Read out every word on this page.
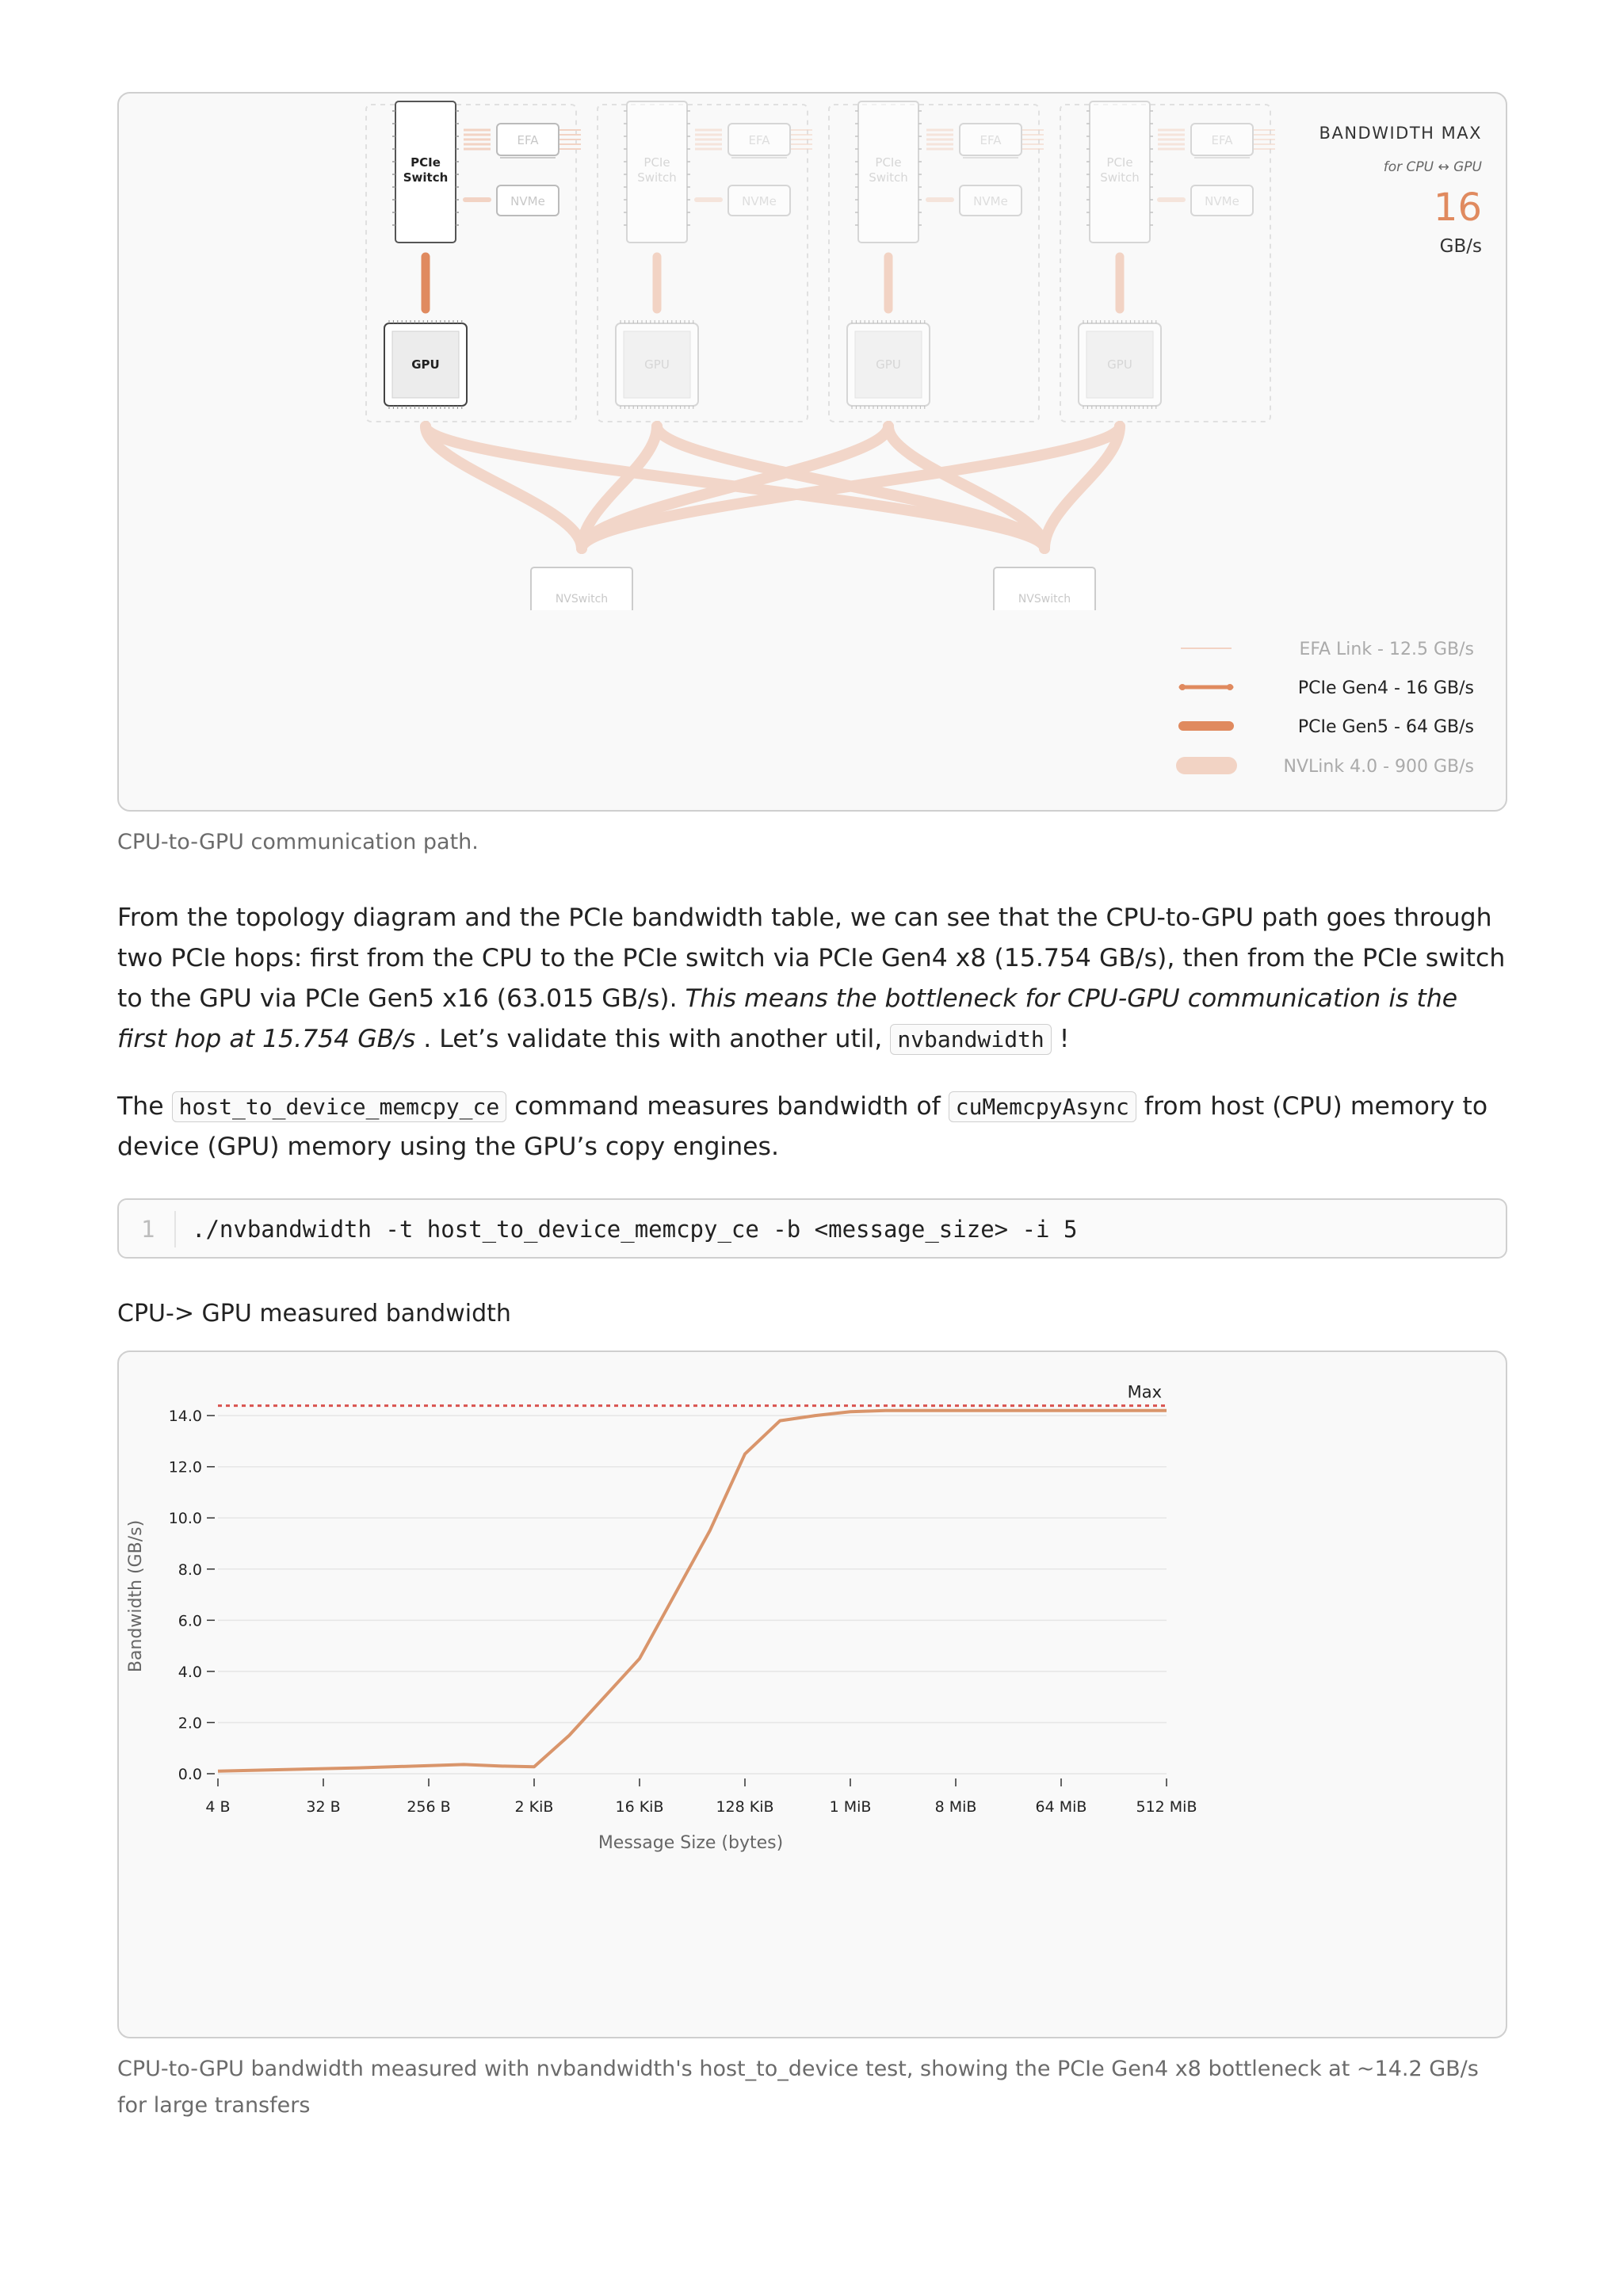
PCIe
Switch
EFA
NVMe
GPU
PCIe
Switch
EFA
NVMe
GPU
PCIe
Switch
EFA
NVMe
GPU
PCIe
Switch
EFA
NVMe
GPU
NVSwitch	NVSwitch
BANDWIDTH MAX
for CPU ↔ GPU
16
GB/s
EFA Link - 12.5 GB/s
PCIe Gen4 - 16 GB/s
PCIe Gen5 - 64 GB/s
NVLink 4.0 - 900 GB/s
CPU-to-GPU communication path.

From the topology diagram and the PCIe bandwidth table, we can see that the CPU-to-GPU path goes through two PCIe hops: first from the CPU to the PCIe switch via PCIe Gen4 x8 (15.754 GB/s), then from the PCIe switch to the GPU via PCIe Gen5 x16 (63.015 GB/s). This means the bottleneck for CPU-GPU communication is the first hop at 15.754 GB/s . Let’s validate this with another util, nvbandwidth !

The host_to_device_memcpy_ce command measures bandwidth of cuMemcpyAsync from host (CPU) memory to device (GPU) memory using the GPU’s copy engines.

1 ./nvbandwidth -t host_to_device_memcpy_ce -b <message_size> -i 5
CPU-> GPU measured bandwidth
0.0
2.0
4.0
6.0
8.0
10.0
12.0
14.0
4 B	32 B	256 B	2 KiB	16 KiB	128 KiB	1 MiB	8 MiB	64 MiB	512 MiB
Max
Bandwidth (GB/s)
Message Size (bytes)
CPU-to-GPU bandwidth measured with nvbandwidth's host_to_device test, showing the PCIe Gen4 x8 bottleneck at ~14.2 GB/s for large transfers
